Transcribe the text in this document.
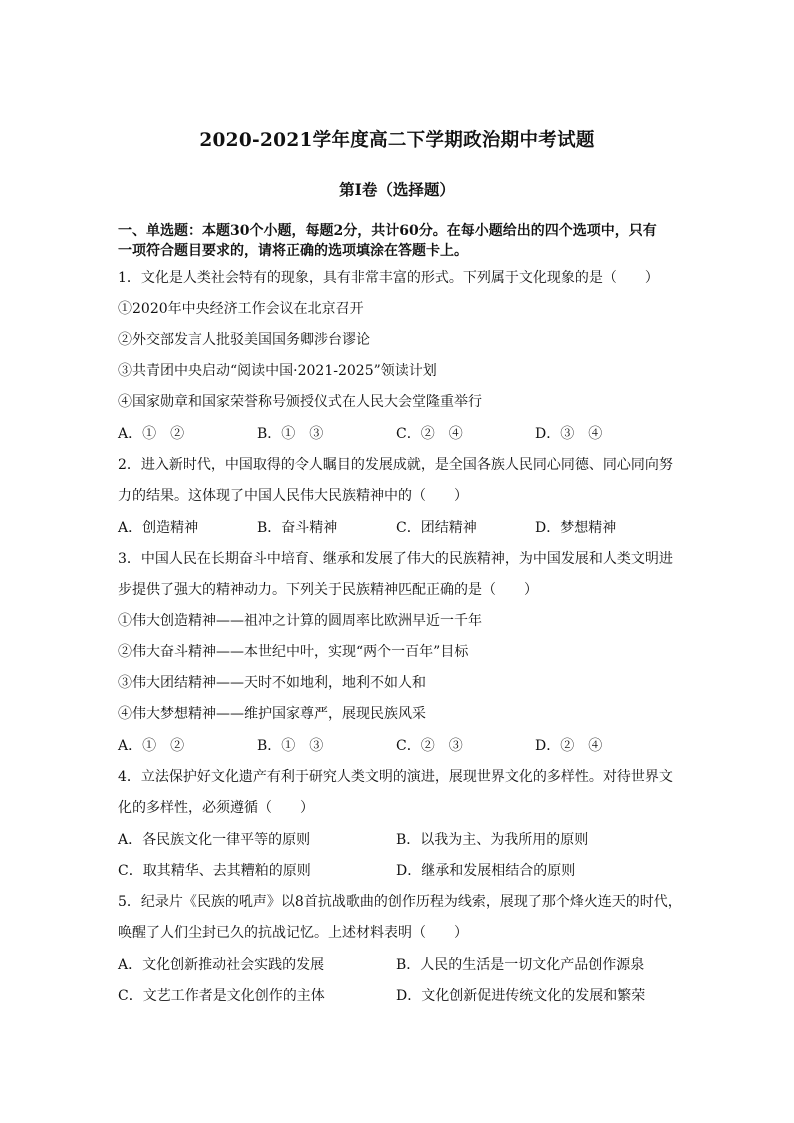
2020-2021学年度高二下学期政治期中考试题
第I卷（选择题）
一、单选题：本题30个小题，每题2分，共计60分。在每小题给出的四个选项中，只有
一项符合题目要求的，请将正确的选项填涂在答题卡上。
1．文化是人类社会特有的现象，具有非常丰富的形式。下列属于文化现象的是（　　）
①2020年中央经济工作会议在北京召开
②外交部发言人批驳美国国务卿涉台谬论
③共青团中央启动“阅读中国·2021-2025”领读计划
④国家勋章和国家荣誉称号颁授仪式在人民大会堂隆重举行
A．①　②	B．①　③	C．②　④	D．③　④
2．进入新时代，中国取得的令人瞩目的发展成就，是全国各族人民同心同德、同心同向努
力的结果。这体现了中国人民伟大民族精神中的（　　）
A．创造精神	B．奋斗精神	C．团结精神	D．梦想精神
3．中国人民在长期奋斗中培育、继承和发展了伟大的民族精神，为中国发展和人类文明进
步提供了强大的精神动力。下列关于民族精神匹配正确的是（　　）
①伟大创造精神——祖冲之计算的圆周率比欧洲早近一千年
②伟大奋斗精神——本世纪中叶，实现“两个一百年”目标
③伟大团结精神——天时不如地利，地利不如人和
④伟大梦想精神——维护国家尊严，展现民族风采
A．①　②	B．①　③	C．②　③	D．②　④
4．立法保护好文化遗产有利于研究人类文明的演进，展现世界文化的多样性。对待世界文
化的多样性，必须遵循（　　）
A．各民族文化一律平等的原则	B．以我为主、为我所用的原则
C．取其精华、去其糟粕的原则	D．继承和发展相结合的原则
5．纪录片《民族的吼声》以8首抗战歌曲的创作历程为线索，展现了那个烽火连天的时代，
唤醒了人们尘封已久的抗战记忆。上述材料表明（　　）
A．文化创新推动社会实践的发展	B．人民的生活是一切文化产品创作源泉
C．文艺工作者是文化创作的主体	D．文化创新促进传统文化的发展和繁荣
